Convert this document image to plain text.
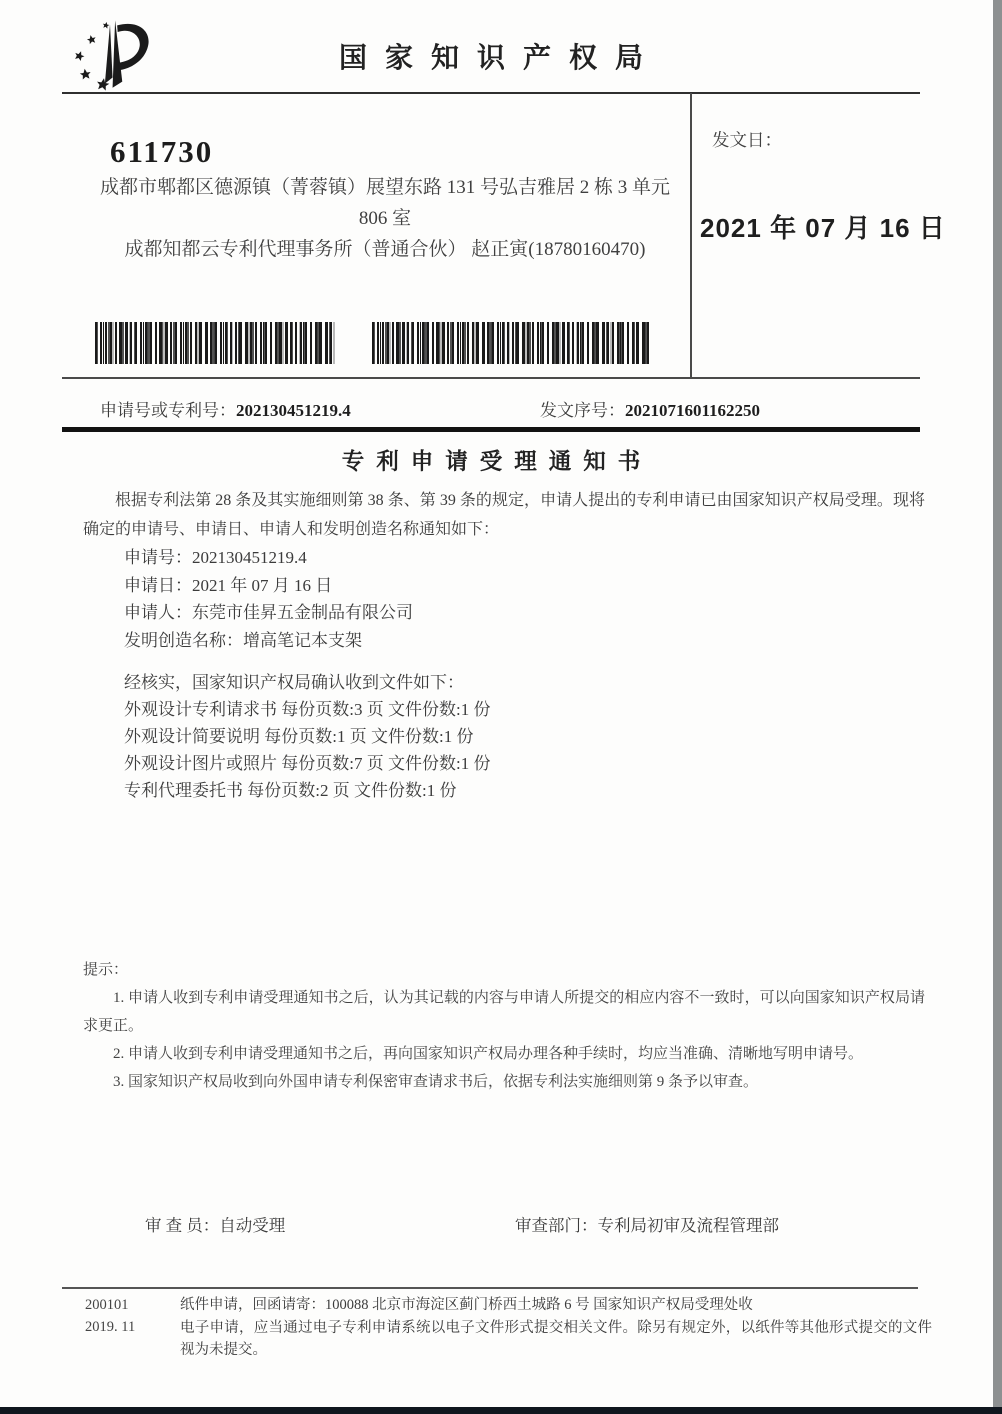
国家知识产权局
611730
成都市郫都区德源镇（菁蓉镇）展望东路 131 号弘吉雅居 2 栋 3 单元
806 室
成都知都云专利代理事务所（普通合伙） 赵正寅(18780160470)
发文日：
2021 年 07 月 16 日
申请号或专利号：202130451219.4	发文序号：2021071601162250
专利申请受理通知书
根据专利法第 28 条及其实施细则第 38 条、第 39 条的规定，申请人提出的专利申请已由国家知识产权局受理。现将确定的申请号、申请日、申请人和发明创造名称通知如下：
申请号：202130451219.4
申请日：2021 年 07 月 16 日
申请人：东莞市佳昇五金制品有限公司
发明创造名称：增高笔记本支架
经核实，国家知识产权局确认收到文件如下：
外观设计专利请求书 每份页数:3 页 文件份数:1 份
外观设计简要说明 每份页数:1 页 文件份数:1 份
外观设计图片或照片 每份页数:7 页 文件份数:1 份
专利代理委托书 每份页数:2 页 文件份数:1 份
提示：
1. 申请人收到专利申请受理通知书之后，认为其记载的内容与申请人所提交的相应内容不一致时，可以向国家知识产权局请求更正。
2. 申请人收到专利申请受理通知书之后，再向国家知识产权局办理各种手续时，均应当准确、清晰地写明申请号。
3. 国家知识产权局收到向外国申请专利保密审查请求书后，依据专利法实施细则第 9 条予以审查。
审 查 员：自动受理	审查部门：专利局初审及流程管理部
200101
2019. 11
纸件申请，回函请寄：100088 北京市海淀区蓟门桥西土城路 6 号 国家知识产权局受理处收
电子申请，应当通过电子专利申请系统以电子文件形式提交相关文件。除另有规定外，以纸件等其他形式提交的文件视为未提交。
